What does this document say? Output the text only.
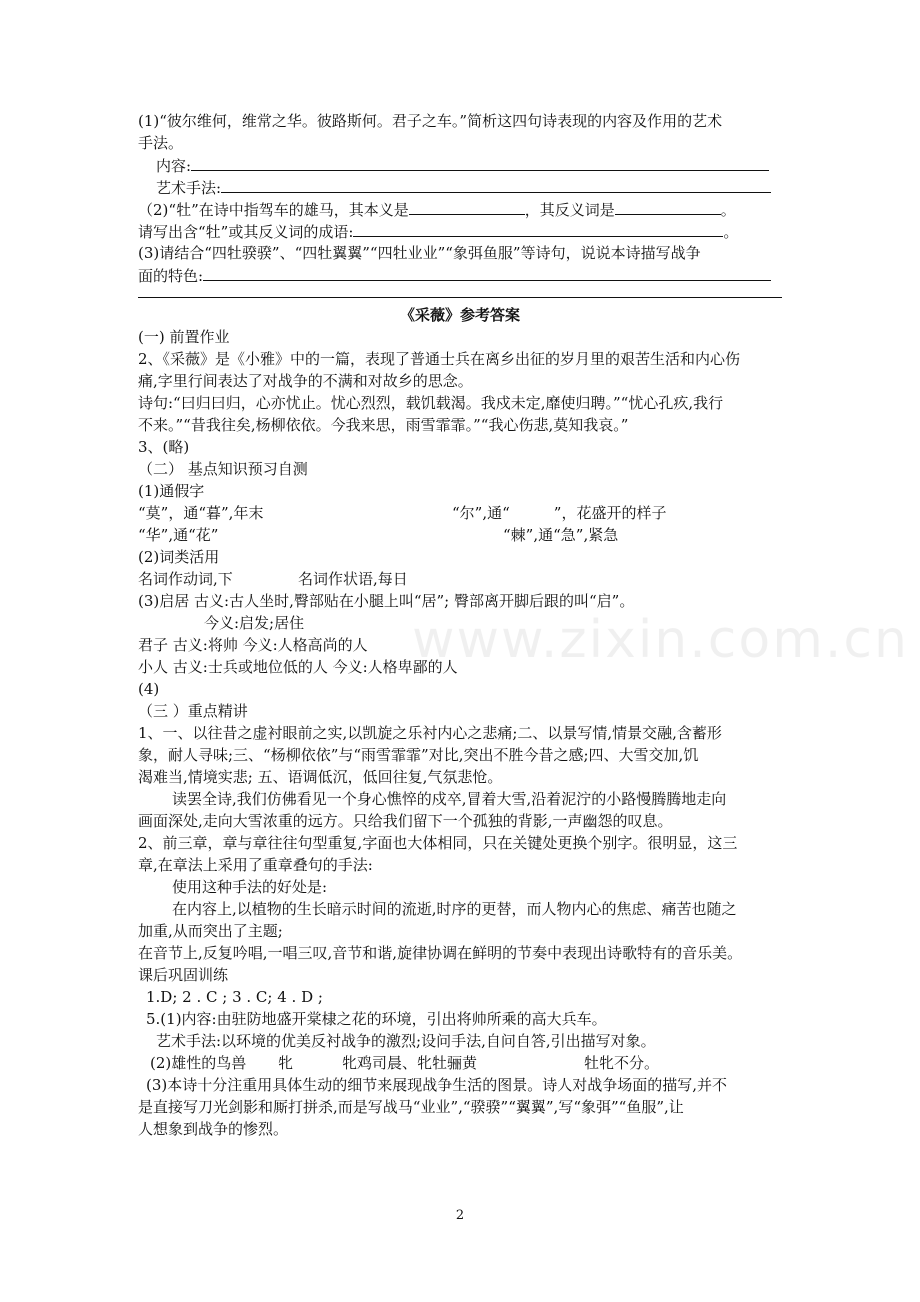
(1)“彼尔维何，维常之华。彼路斯何。君子之车。”简析这四句诗表现的内容及作用的艺术
手法。
内容:
艺术手法:
（2)“牡”在诗中指驾车的雄马，其本义是	，其反义词是	。
请写出含“牡”或其反义词的成语:	。
(3)请结合“四牡骙骙”、“四牡翼翼”“四牡业业”“象弭鱼服”等诗句，说说本诗描写战争
面的特色:
《采薇》参考答案
(一) 前置作业
2、《采薇》是《小雅》中的一篇，表现了普通士兵在离乡出征的岁月里的艰苦生活和内心伤
痛,字里行间表达了对战争的不满和对故乡的思念。
诗句:“曰归曰归，心亦忧止。忧心烈烈，载饥载渴。我戍未定,靡使归聘。”“忧心孔疚,我行
不来。”“昔我往矣,杨柳依依。今我来思，雨雪霏霏。”“我心伤悲,莫知我哀。”
3、(略)
（二） 基点知识预习自测
(1)通假字
“莫”，通“暮”,年末	“尔”,通“	”，花盛开的样子
“华”,通“花”	“棘”,通“急”,紧急
(2)词类活用
名词作动词,下	名词作状语,每日
(3)启居 古义:古人坐时,臀部贴在小腿上叫“居”; 臀部离开脚后跟的叫“启”。
今义:启发;居住
君子 古义:将帅 今义:人格高尚的人
小人 古义:士兵或地位低的人 今义:人格卑鄙的人
(4)
（三 ）重点精讲
1、一、以往昔之虚衬眼前之实,以凯旋之乐衬内心之悲痛;二、以景写情,情景交融,含蓄形
象，耐人寻味;三、“杨柳依依”与“雨雪霏霏”对比,突出不胜今昔之感;四、大雪交加,饥
渴难当,情境实悲; 五、语调低沉，低回往复,气氛悲怆。
读罢全诗,我们仿佛看见一个身心憔悴的戍卒,冒着大雪,沿着泥泞的小路慢腾腾地走向
画面深处,走向大雪浓重的远方。只给我们留下一个孤独的背影,一声幽怨的叹息。
2、前三章，章与章往往句型重复,字面也大体相同，只在关键处更换个别字。很明显，这三
章,在章法上采用了重章叠句的手法:
使用这种手法的好处是:
在内容上,以植物的生长暗示时间的流逝,时序的更替，而人物内心的焦虑、痛苦也随之
加重,从而突出了主题;
在音节上,反复吟唱,一唱三叹,音节和谐,旋律协调在鲜明的节奏中表现出诗歌特有的音乐美。
课后巩固训练
1.D; 2 . C ; 3 . C; 4 . D ;
5.(1)内容:由驻防地盛开棠棣之花的环境，引出将帅所乘的高大兵车。
艺术手法:以环境的优美反衬战争的激烈;设问手法,自问自答,引出描写对象。
(2)雄性的鸟兽 牝	牝鸡司晨、牝牡骊黄	牡牝不分。
(3)本诗十分注重用具体生动的细节来展现战争生活的图景。诗人对战争场面的描写,并不
是直接写刀光剑影和厮打拼杀,而是写战马“业业”,“骙骙”“翼翼”,写“象弭”“鱼服”,让
人想象到战争的惨烈。
2
www.zixin.com.cn
